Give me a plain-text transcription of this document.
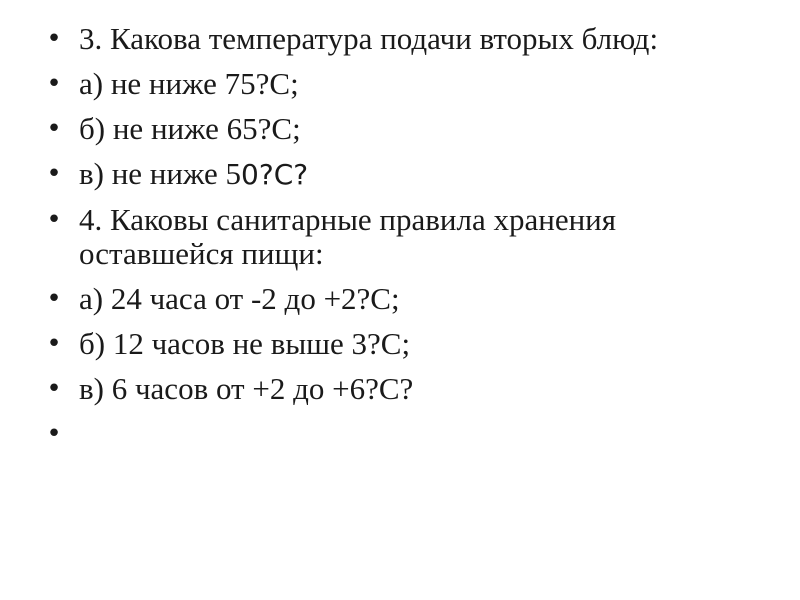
• 3. Какова температура подачи вторых блюд:
• а) не ниже 75?С;
• б) не ниже 65?С;
• в) не ниже 50?С?
• 4. Каковы санитарные правила хранения оставшейся пищи:
• а) 24 часа от -2 до +2?С;
• б) 12 часов не выше 3?С;
• в) 6 часов от +2 до +6?С?
•
